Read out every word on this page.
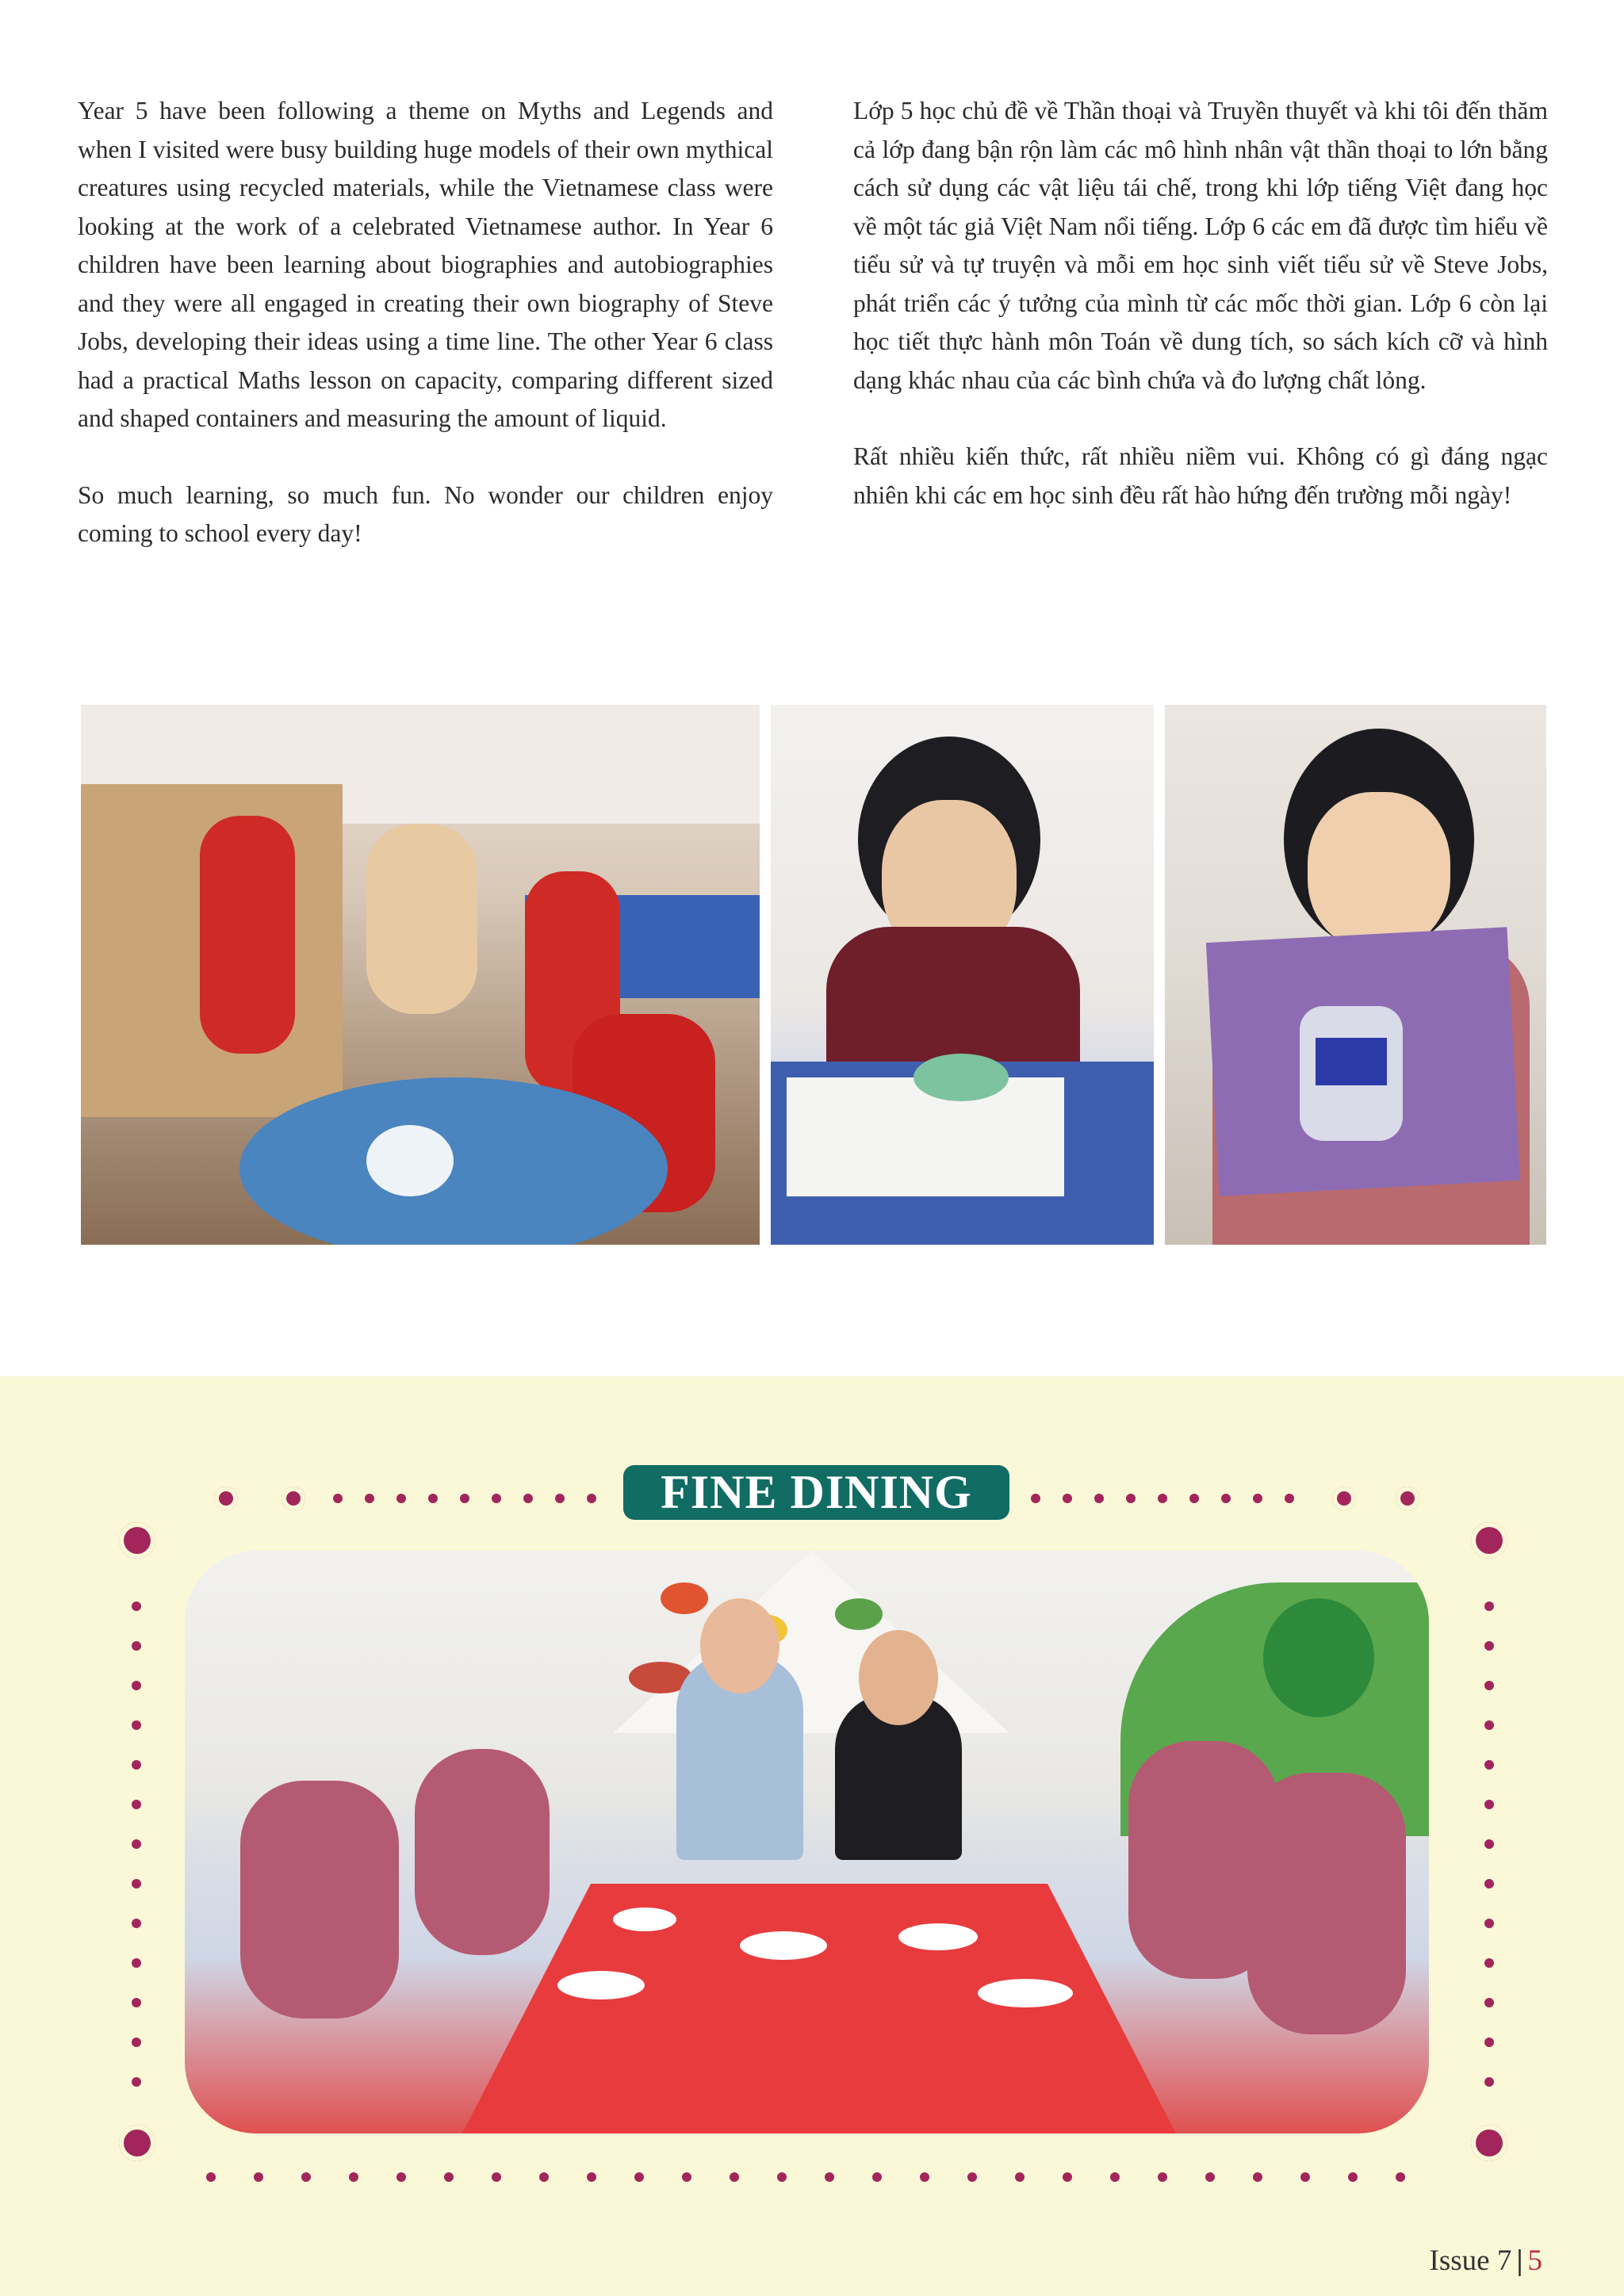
Year 5 have been following a theme on Myths and Legends and when I visited were busy building huge models of their own mythical creatures using recycled materials, while the Vietnamese class were looking at the work of a celebrated Vietnamese author. In Year 6 children have been learning about biographies and autobiographies and they were all engaged in creating their own biography of Steve Jobs, developing their ideas using a time line. The other Year 6 class had a practical Maths lesson on capacity, comparing different sized and shaped containers and measuring the amount of liquid.

So much learning, so much fun. No wonder our children enjoy coming to school every day!

Lớp 5 học chủ đề về Thần thoại và Truyền thuyết và khi tôi đến thăm cả lớp đang bận rộn làm các mô hình nhân vật thần thoại to lớn bằng cách sử dụng các vật liệu tái chế, trong khi lớp tiếng Việt đang học về một tác giả Việt Nam nổi tiếng. Lớp 6 các em đã được tìm hiểu về tiểu sử và tự truyện và mỗi em học sinh viết tiểu sử về Steve Jobs, phát triển các ý tưởng của mình từ các mốc thời gian. Lớp 6 còn lại học tiết thực hành môn Toán về dung tích, so sách kích cỡ và hình dạng khác nhau của các bình chứa và đo lượng chất lỏng.

Rất nhiều kiến thức, rất nhiều niềm vui. Không có gì đáng ngạc nhiên khi các em học sinh đều rất hào hứng đến trường mỗi ngày!

FINE DINING
Issue 7 | 5
